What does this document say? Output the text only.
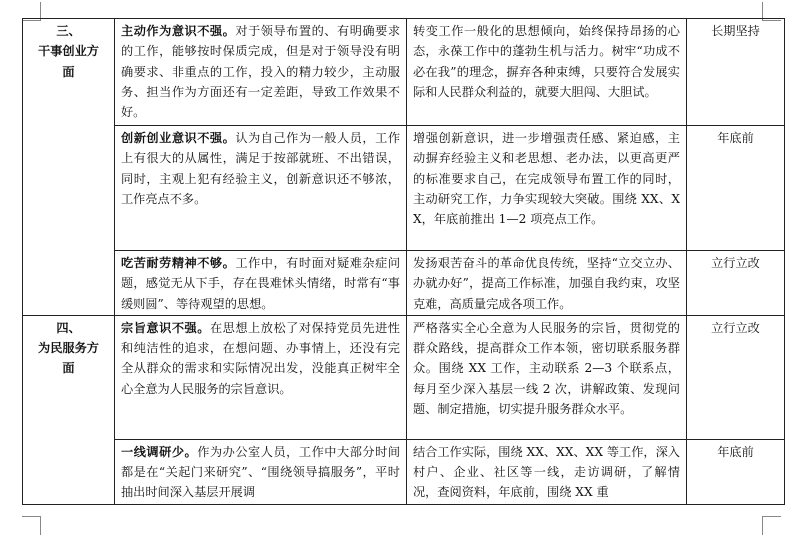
三、
干事创业方
面	主动作为意识不强。对于领导布置的、有明确要求的工作，能够按时保质完成，但是对于领导没有明确要求、非重点的工作，投入的精力较少，主动服务、担当作为方面还有一定差距，导致工作效果不好。	转变工作一般化的思想倾向，始终保持昂扬的心态，永葆工作中的蓬勃生机与活力。树牢“功成不必在我”的理念，摒弃各种束缚，只要符合发展实际和人民群众利益的，就要大胆闯、大胆试。	长期坚持

	创新创业意识不强。认为自己作为一般人员，工作上有很大的从属性，满足于按部就班、不出错误，同时，主观上犯有经验主义，创新意识还不够浓，工作亮点不多。	增强创新意识，进一步增强责任感、紧迫感，主动摒弃经验主义和老思想、老办法，以更高更严的标准要求自己，在完成领导布置工作的同时，主动研究工作，力争实现较大突破。围绕 XX、XX，年底前推出 1—2 项亮点工作。	年底前

	吃苦耐劳精神不够。工作中，有时面对疑难杂症问题，感觉无从下手，存在畏难怵头情绪，时常有“事缓则圆”、等待观望的思想。	发扬艰苦奋斗的革命优良传统，坚持“立交立办、办就办好”，提高工作标准，加强自我约束，攻坚克难，高质量完成各项工作。	立行立改

四、
为民服务方
面	宗旨意识不强。在思想上放松了对保持党员先进性和纯洁性的追求，在想问题、办事情上，还没有完全从群众的需求和实际情况出发，没能真正树牢全心全意为人民服务的宗旨意识。	严格落实全心全意为人民服务的宗旨，贯彻党的群众路线，提高群众工作本领，密切联系服务群众。围绕 XX 工作，主动联系 2—3 个联系点，每月至少深入基层一线 2 次，讲解政策、发现问题、制定措施，切实提升服务群众水平。	立行立改

	一线调研少。作为办公室人员，工作中大部分时间都是在“关起门来研究”、“围绕领导搞服务”，平时抽出时间深入基层开展调	结合工作实际，围绕 XX、XX、XX 等工作，深入村户、企业、社区等一线，走访调研，了解情况，查阅资料，年底前，围绕 XX 重	年底前
